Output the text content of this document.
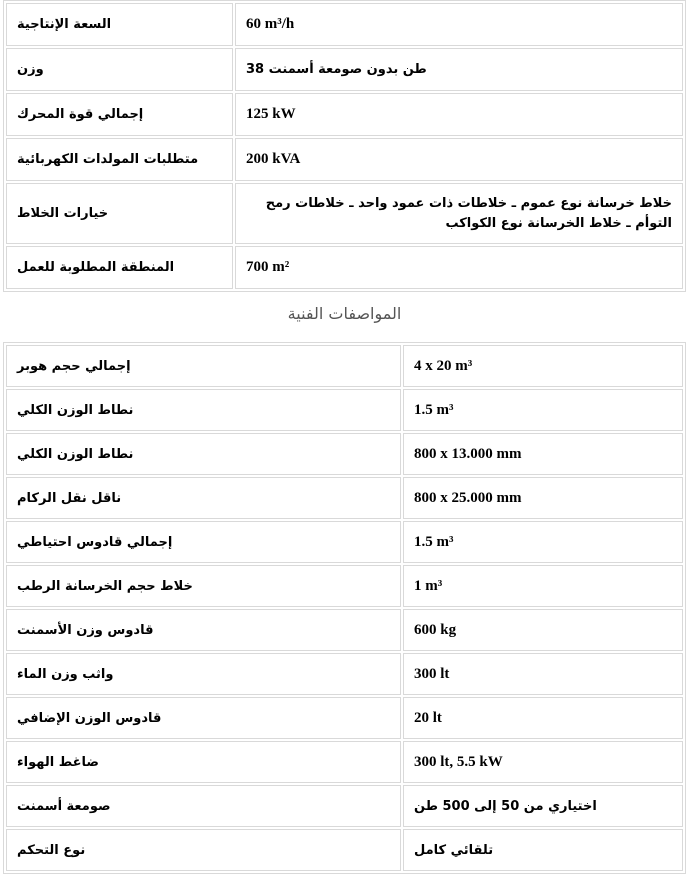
السعة الإنتاجية	60 m³/h

وزن	طن بدون صومعة أسمنت 38

إجمالي قوة المحرك	125 kW

متطلبات المولدات الكهربائية	200 kVA

خيارات الخلاط	خلاط خرسانة نوع عموم ـ خلاطات ذات عمود واحد ـ خلاطات رمح التوأم ـ خلاط الخرسانة نوع الكواكب

المنطقة المطلوبة للعمل	700 m²
المواصفات الفنية
إجمالي حجم هوبر	4 x 20 m³

نطاط الوزن الكلي	1.5 m³

نطاط الوزن الكلي	800 x 13.000 mm

ناقل نقل الركام	800 x 25.000 mm

إجمالي قادوس احتياطي	1.5 m³

خلاط حجم الخرسانة الرطب	1 m³

قادوس وزن الأسمنت	600 kg

واثب وزن الماء	300 lt

قادوس الوزن الإضافي	20 lt

ضاغط الهواء	300 lt, 5.5 kW

صومعة أسمنت	اختياري من 50 إلى 500 طن

نوع التحكم	تلقائي كامل
